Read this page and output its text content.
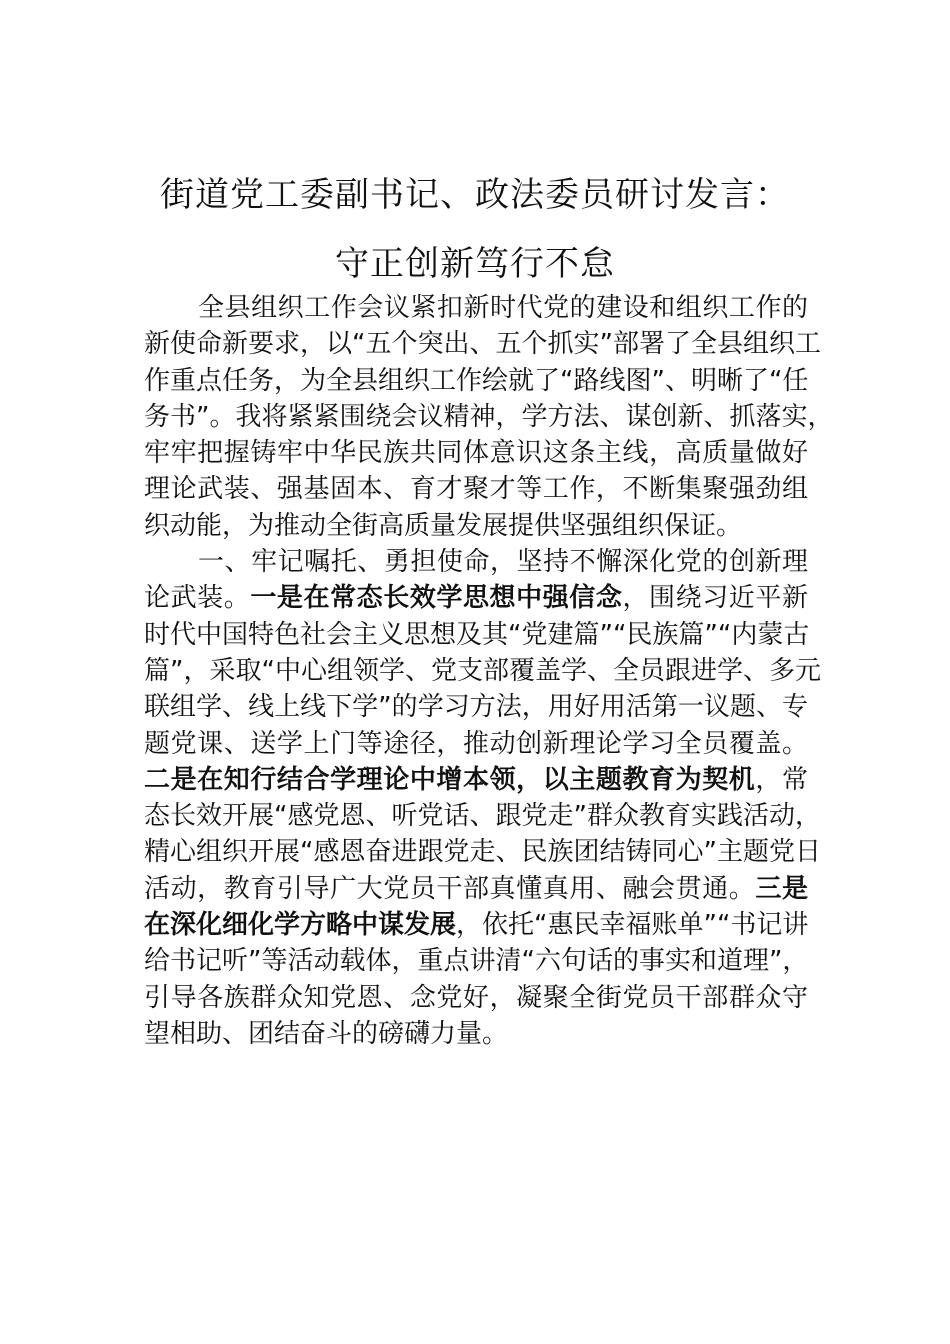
街道党工委副书记、政法委员研讨发言：
守正创新笃行不怠
全县组织工作会议紧扣新时代党的建设和组织工作的
新使命新要求，以“五个突出、五个抓实”部署了全县组织工
作重点任务，为全县组织工作绘就了“路线图”、明晰了“任
务书”。我将紧紧围绕会议精神，学方法、谋创新、抓落实，
牢牢把握铸牢中华民族共同体意识这条主线，高质量做好
理论武装、强基固本、育才聚才等工作，不断集聚强劲组
织动能，为推动全街高质量发展提供坚强组织保证。
一、牢记嘱托、勇担使命，坚持不懈深化党的创新理
论武装。一是在常态长效学思想中强信念，围绕习近平新
时代中国特色社会主义思想及其“党建篇”“民族篇”“内蒙古
篇”，采取“中心组领学、党支部覆盖学、全员跟进学、多元
联组学、线上线下学”的学习方法，用好用活第一议题、专
题党课、送学上门等途径，推动创新理论学习全员覆盖。
二是在知行结合学理论中增本领，以主题教育为契机，常
态长效开展“感党恩、听党话、跟党走”群众教育实践活动，
精心组织开展“感恩奋进跟党走、民族团结铸同心”主题党日
活动，教育引导广大党员干部真懂真用、融会贯通。三是
在深化细化学方略中谋发展，依托“惠民幸福账单”“书记讲
给书记听”等活动载体，重点讲清“六句话的事实和道理”，
引导各族群众知党恩、念党好，凝聚全街党员干部群众守
望相助、团结奋斗的磅礴力量。
